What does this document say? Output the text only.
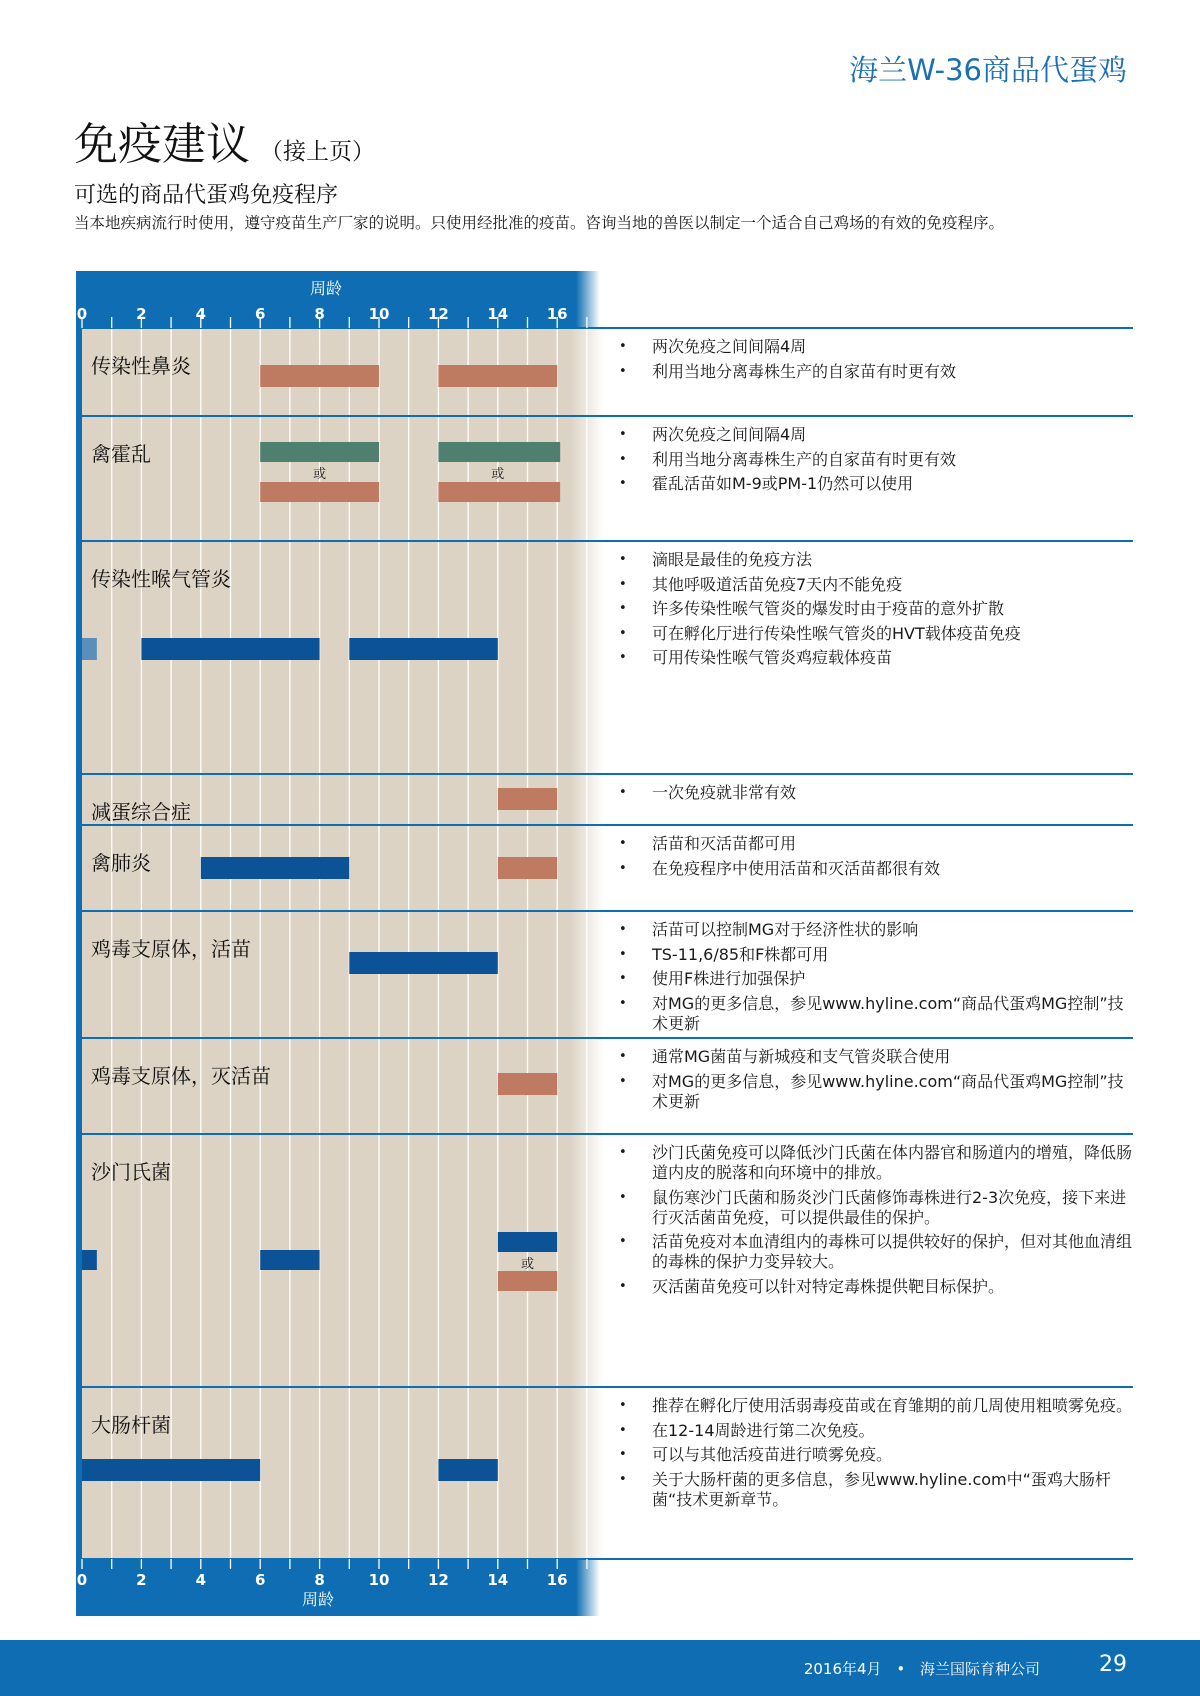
海兰W-36商品代蛋鸡
免疫建议 （接上页）
可选的商品代蛋鸡免疫程序
当本地疾病流行时使用，遵守疫苗生产厂家的说明。只使用经批准的疫苗。咨询当地的兽医以制定一个适合自己鸡场的有效的免疫程序。
或	或
或
0
0
2
2
4
4
6
6
8
8
10
10
12
12
14
14
16
16
周龄
周龄
传染性鼻炎
禽霍乱
传染性喉气管炎
减蛋综合症
禽肺炎
鸡毒支原体，活苗
鸡毒支原体，灭活苗
沙门氏菌
大肠杆菌
• 两次免疫之间间隔4周
• 利用当地分离毒株生产的自家苗有时更有效
• 两次免疫之间间隔4周
• 利用当地分离毒株生产的自家苗有时更有效
• 霍乱活苗如M-9或PM-1仍然可以使用
• 滴眼是最佳的免疫方法
• 其他呼吸道活苗免疫7天内不能免疫
• 许多传染性喉气管炎的爆发时由于疫苗的意外扩散
• 可在孵化厅进行传染性喉气管炎的HVT载体疫苗免疫
• 可用传染性喉气管炎鸡痘载体疫苗
• 一次免疫就非常有效
• 活苗和灭活苗都可用
• 在免疫程序中使用活苗和灭活苗都很有效
• 活苗可以控制MG对于经济性状的影响
• TS-11,6/85和F株都可用
• 使用F株进行加强保护
• 对MG的更多信息，参见www.hyline.com“商品代蛋鸡MG控制”技术更新
• 通常MG菌苗与新城疫和支气管炎联合使用
• 对MG的更多信息，参见www.hyline.com“商品代蛋鸡MG控制”技术更新
• 沙门氏菌免疫可以降低沙门氏菌在体内器官和肠道内的增殖，降低肠道内皮的脱落和向环境中的排放。
• 鼠伤寒沙门氏菌和肠炎沙门氏菌修饰毒株进行2-3次免疫，接下来进行灭活菌苗免疫，可以提供最佳的保护。
• 活苗免疫对本血清组内的毒株可以提供较好的保护，但对其他血清组的毒株的保护力变异较大。
• 灭活菌苗免疫可以针对特定毒株提供靶目标保护。
• 推荐在孵化厅使用活弱毒疫苗或在育雏期的前几周使用粗喷雾免疫。
• 在12-14周龄进行第二次免疫。
• 可以与其他活疫苗进行喷雾免疫。
• 关于大肠杆菌的更多信息，参见www.hyline.com中“蛋鸡大肠杆菌“技术更新章节。
2016年4月 • 海兰国际育种公司	29
